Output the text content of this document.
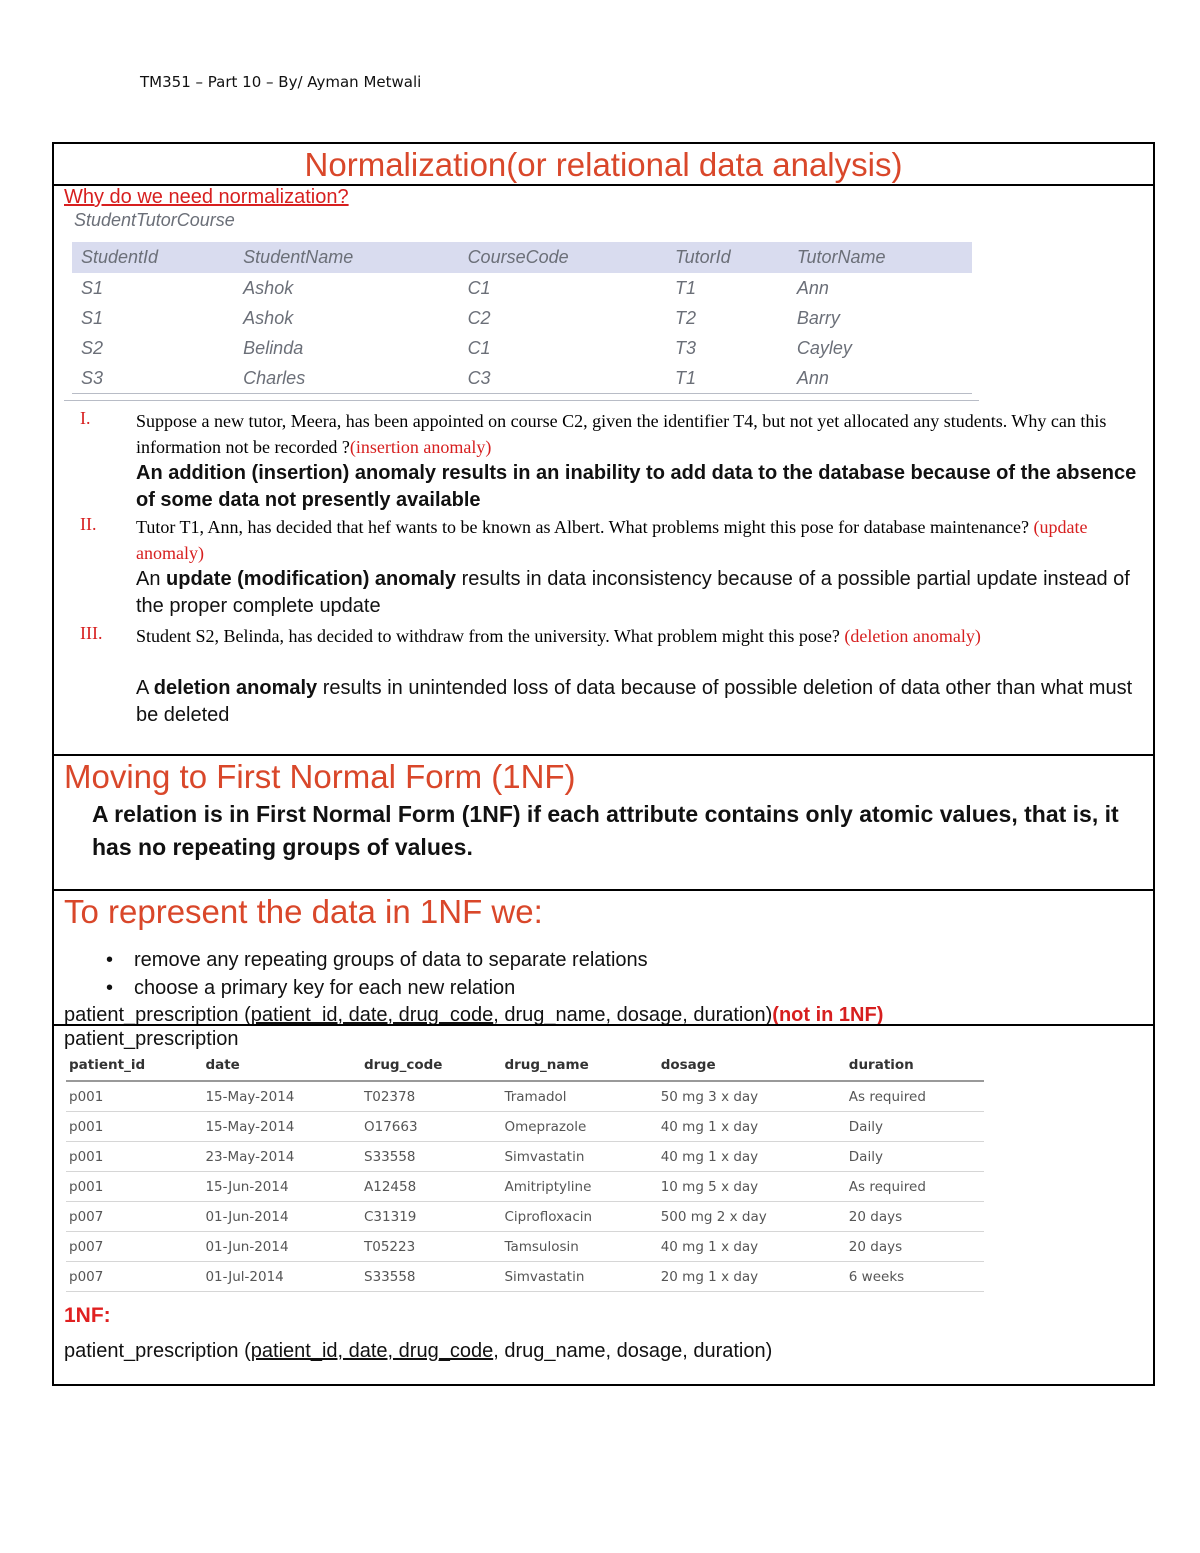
TM351 – Part 10 – By/ Ayman Metwali
Normalization(or relational data analysis)
Why do we need normalization?
StudentTutorCourse
StudentId	StudentName	CourseCode	TutorId	TutorName
S1	Ashok	C1	T1	Ann
S1	Ashok	C2	T2	Barry
S2	Belinda	C1	T3	Cayley
S3	Charles	C3	T1	Ann
I.	Suppose a new tutor, Meera, has been appointed on course C2, given the identifier T4, but not yet allocated any students. Why can this information not be recorded ?(insertion anomaly)
An addition (insertion) anomaly results in an inability to add data to the database because of the absence of some data not presently available
II. Tutor T1, Ann, has decided that hef wants to be known as Albert. What problems might this pose for database maintenance? (update anomaly)
An update (modification) anomaly results in data inconsistency because of a possible partial update instead of the proper complete update
III. Student S2, Belinda, has decided to withdraw from the university. What problem might this pose? (deletion anomaly)
A deletion anomaly results in unintended loss of data because of possible deletion of data other than what must be deleted
Moving to First Normal Form (1NF)
A relation is in First Normal Form (1NF) if each attribute contains only atomic values, that is, it has no repeating groups of values.
To represent the data in 1NF we:
• remove any repeating groups of data to separate relations
• choose a primary key for each new relation
patient_prescription (patient_id, date, drug_code, drug_name, dosage, duration)(not in 1NF)
patient_prescription
patient_id	date	drug_code	drug_name	dosage	duration
p001	15-May-2014	T02378	Tramadol	50 mg 3 x day	As required
p001	15-May-2014	O17663	Omeprazole	40 mg 1 x day	Daily
p001	23-May-2014	S33558	Simvastatin	40 mg 1 x day	Daily
p001	15-Jun-2014	A12458	Amitriptyline	10 mg 5 x day	As required
p007	01-Jun-2014	C31319	Ciprofloxacin	500 mg 2 x day	20 days
p007	01-Jun-2014	T05223	Tamsulosin	40 mg 1 x day	20 days
p007	01-Jul-2014	S33558	Simvastatin	20 mg 1 x day	6 weeks
1NF:
patient_prescription (patient_id, date, drug_code, drug_name, dosage, duration)
